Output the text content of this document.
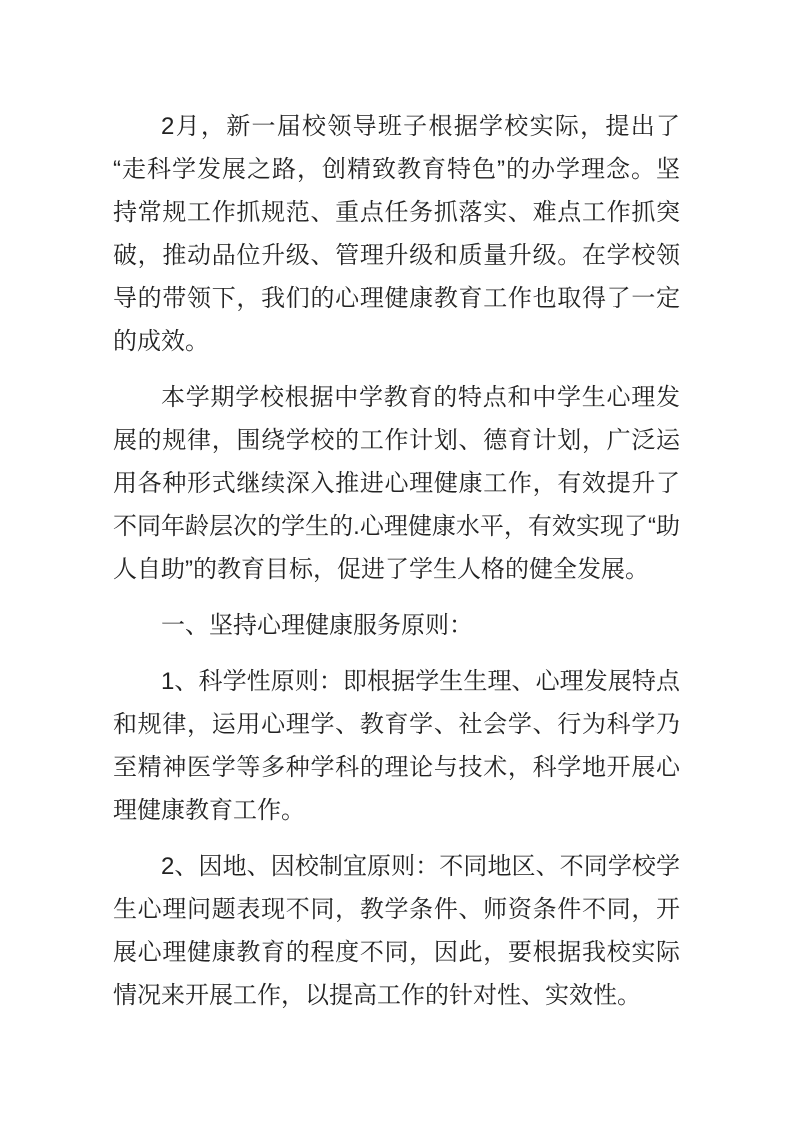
2月，新一届校领导班子根据学校实际，提出了“走科学发展之路，创精致教育特色”的办学理念。坚持常规工作抓规范、重点任务抓落实、难点工作抓突破，推动品位升级、管理升级和质量升级。在学校领导的带领下，我们的心理健康教育工作也取得了一定的成效。

本学期学校根据中学教育的特点和中学生心理发展的规律，围绕学校的工作计划、德育计划，广泛运用各种形式继续深入推进心理健康工作，有效提升了不同年龄层次的学生的.心理健康水平，有效实现了“助人自助”的教育目标，促进了学生人格的健全发展。

一、坚持心理健康服务原则：

1、科学性原则：即根据学生生理、心理发展特点和规律，运用心理学、教育学、社会学、行为科学乃至精神医学等多种学科的理论与技术，科学地开展心理健康教育工作。

2、因地、因校制宜原则：不同地区、不同学校学生心理问题表现不同，教学条件、师资条件不同，开展心理健康教育的程度不同，因此，要根据我校实际情况来开展工作，以提高工作的针对性、实效性。
